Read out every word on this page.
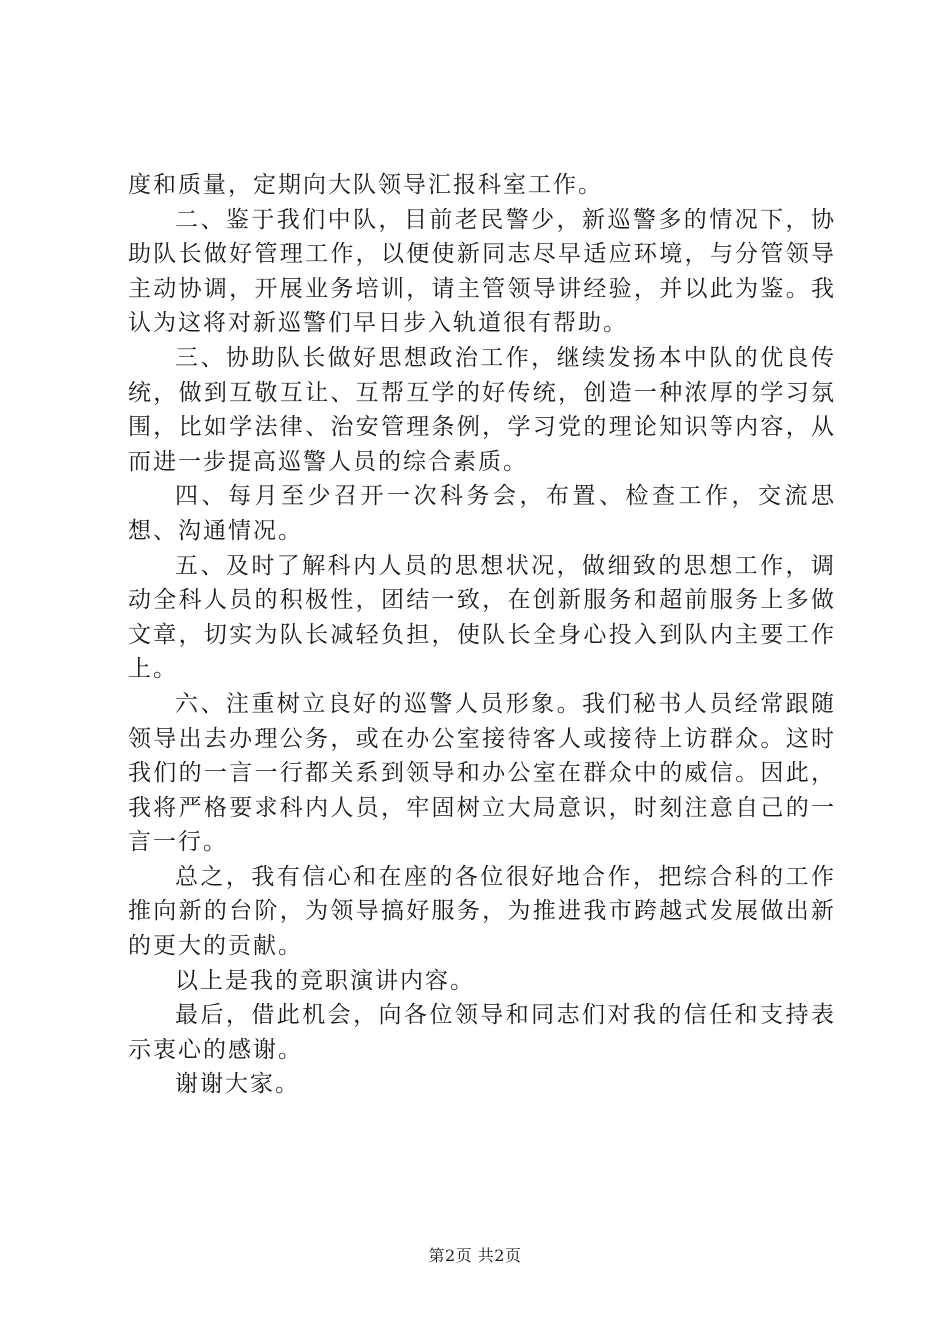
度和质量，定期向大队领导汇报科室工作。

二、鉴于我们中队，目前老民警少，新巡警多的情况下，协助队长做好管理工作，以便使新同志尽早适应环境，与分管领导主动协调，开展业务培训，请主管领导讲经验，并以此为鉴。我认为这将对新巡警们早日步入轨道很有帮助。

三、协助队长做好思想政治工作，继续发扬本中队的优良传统，做到互敬互让、互帮互学的好传统，创造一种浓厚的学习氛围，比如学法律、治安管理条例，学习党的理论知识等内容，从而进一步提高巡警人员的综合素质。

四、每月至少召开一次科务会，布置、检查工作，交流思想、沟通情况。

五、及时了解科内人员的思想状况，做细致的思想工作，调动全科人员的积极性，团结一致，在创新服务和超前服务上多做文章，切实为队长减轻负担，使队长全身心投入到队内主要工作上。

六、注重树立良好的巡警人员形象。我们秘书人员经常跟随领导出去办理公务，或在办公室接待客人或接待上访群众。这时我们的一言一行都关系到领导和办公室在群众中的威信。因此，我将严格要求科内人员，牢固树立大局意识，时刻注意自己的一言一行。

总之，我有信心和在座的各位很好地合作，把综合科的工作推向新的台阶，为领导搞好服务，为推进我市跨越式发展做出新的更大的贡献。

以上是我的竞职演讲内容。

最后，借此机会，向各位领导和同志们对我的信任和支持表示衷心的感谢。

谢谢大家。

第2页 共2页
